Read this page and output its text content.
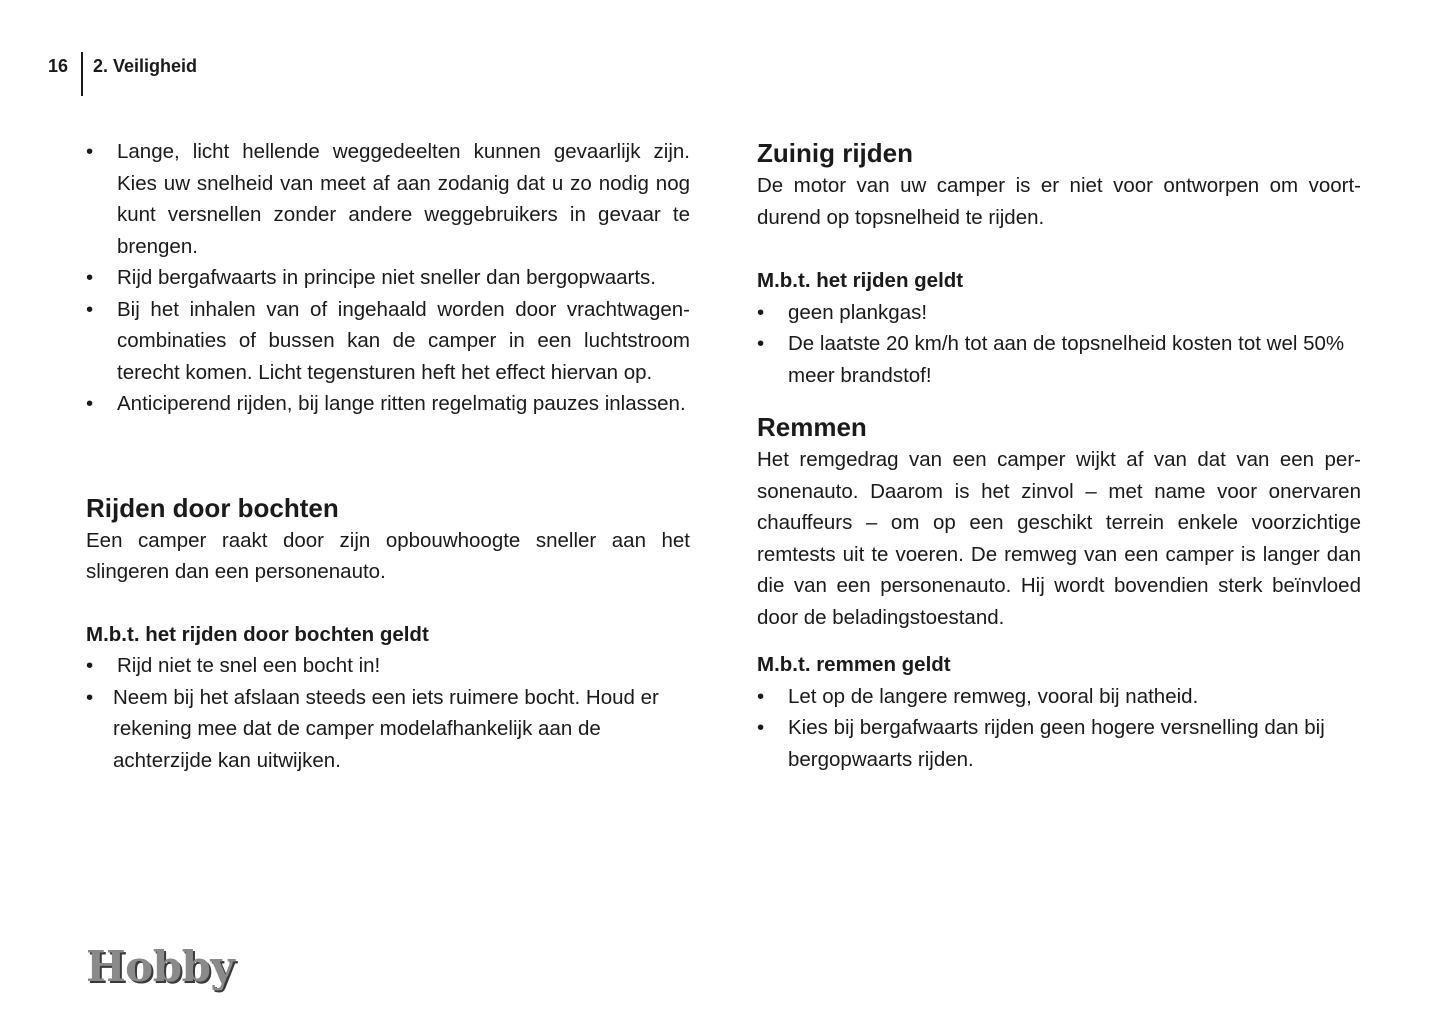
16 2. Veiligheid
•	Lange, licht hellende weggedeelten kunnen gevaarlijk zijn. Kies uw snelheid van meet af aan zodanig dat u zo nodig nog kunt versnellen zonder andere weggebruikers in gevaar te brengen.
•	Rijd bergafwaarts in principe niet sneller dan bergopwaarts.
•	Bij het inhalen van of ingehaald worden door vrachtwagen-combinaties of bussen kan de camper in een luchtstroom terecht komen. Licht tegensturen heft het effect hiervan op.
•	Anticiperend rijden, bij lange ritten regelmatig pauzes inlassen.
Rijden door bochten

Een camper raakt door zijn opbouwhoogte sneller aan het slingeren dan een personenauto.

M.b.t. het rijden door bochten geldt
•	Rijd niet te snel een bocht in!
• Neem bij het afslaan steeds een iets ruimere bocht. Houd er rekening mee dat de camper modelafhankelijk aan de achterzijde kan uitwijken.
Zuinig rijden

De motor van uw camper is er niet voor ontworpen om voort-durend op topsnelheid te rijden.

M.b.t. het rijden geldt
•	geen plankgas!
•	De laatste 20 km/h tot aan de topsnelheid kosten tot wel 50% meer brandstof!
Remmen

Het remgedrag van een camper wijkt af van dat van een per-sonenauto. Daarom is het zinvol – met name voor onervaren chauffeurs – om op een geschikt terrein enkele voorzichtige remtests uit te voeren. De remweg van een camper is langer dan die van een personenauto. Hij wordt bovendien sterk beïnvloed door de beladingstoestand.

M.b.t. remmen geldt
•	Let op de langere remweg, vooral bij natheid.
•	Kies bij bergafwaarts rijden geen hogere versnelling dan bij bergopwaarts rijden.
Hobby
